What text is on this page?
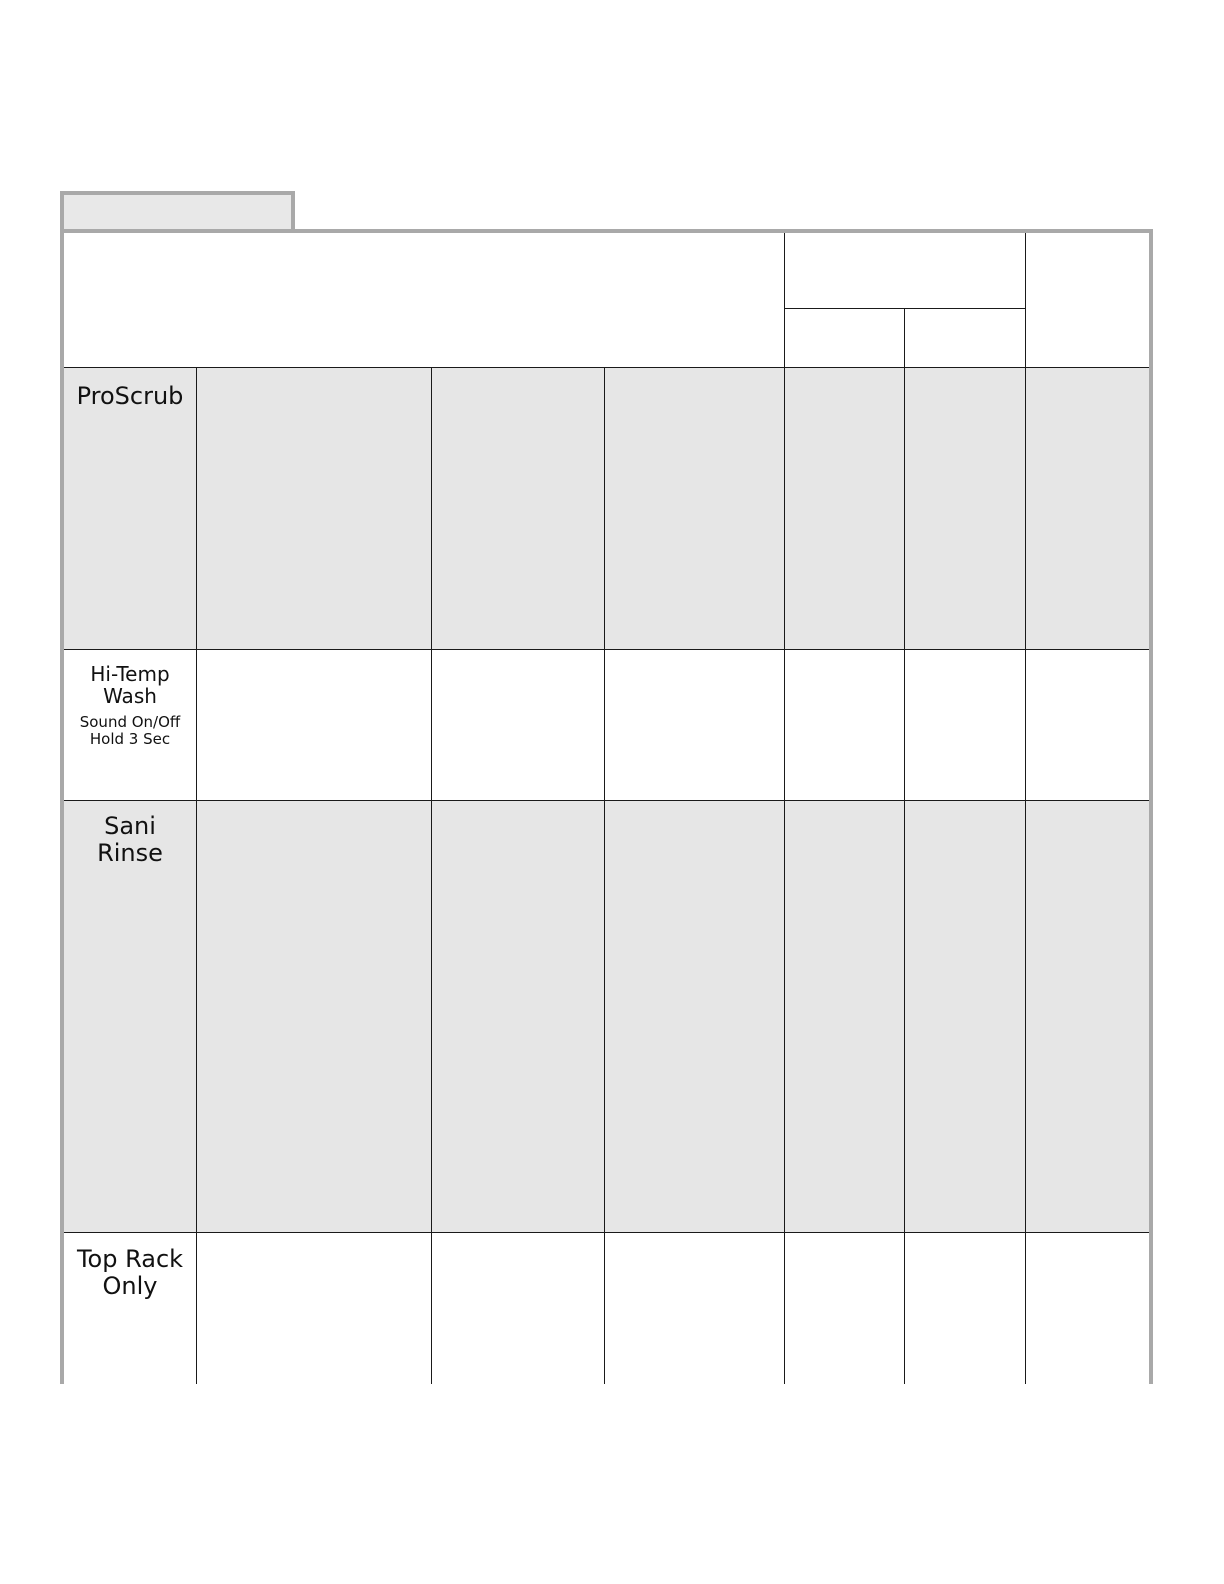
ProScrub
Hi-Temp
Wash
Sound On/Off
Hold 3 Sec
Sani
Rinse
Top Rack
Only
